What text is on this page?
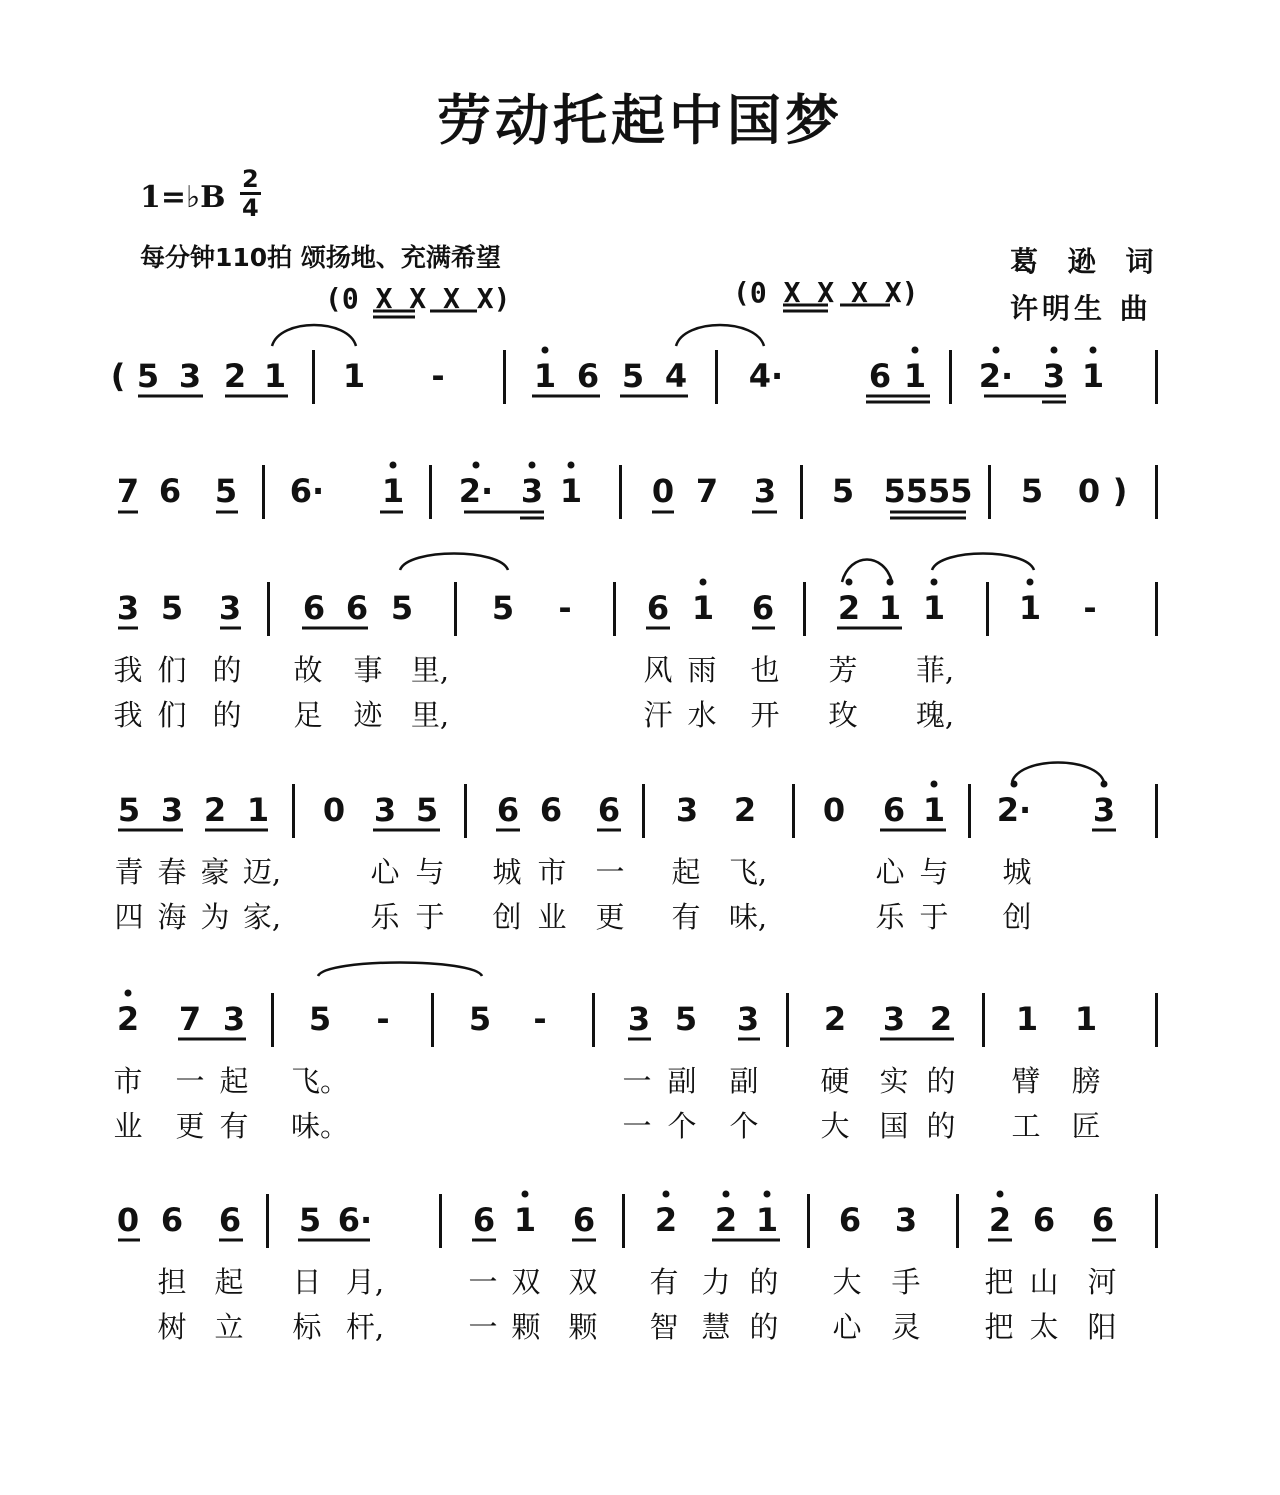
劳动托起中国梦
1=♭B $\frac{2}{4}$
每分钟110拍 颂扬地、充满希望	葛 逊 词
许明生 曲
(0 X X X X)	(0 X X X X)
( 5 3 2 1 1 -	1 6 5 4 4·	6 1 2· 3 1
7 6 5 6· 1 2· 3 1 0 7 3 5 5555 5 0 )
3 5 3 6 6 5 5 - 6 1 6 2 1 1 1 -
我 们 的 故 事 里,	风 雨 也 芳 菲,
我 们 的 足 迹 里,	汗 水 开 玫 瑰,
5 3 2 1 0 3 5 6 6 6 3 2 0 6 1 2· 3
青 春 豪 迈,	心 与 城 市 一 起 飞,	心 与 城
四 海 为 家,	乐 于 创 业 更 有 味,	乐 于 创
2 7 3 5 - 5 -	3 5 3 2 3 2 1 1
市 一 起 飞。	一 副 副 硬 实 的 臂 膀
业 更 有 味。	一 个 个 大 国 的 工 匠
0 6 6 5 6·	6 1 6 2 2 1 6 3 2 6 6
担 起 日 月,	一 双 双 有 力 的 大 手 把 山 河
树 立 标 杆,	一 颗 颗 智 慧 的 心 灵 把 太 阳
